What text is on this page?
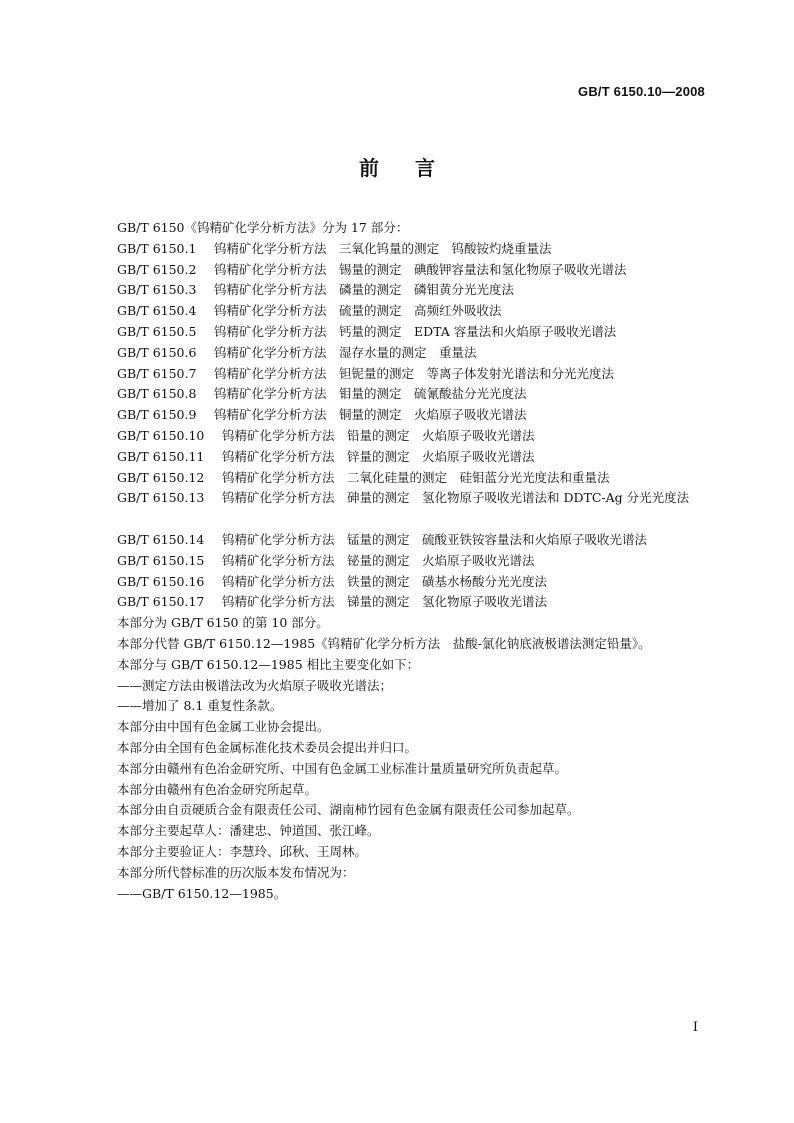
GB/T 6150.10—2008
前言
GB/T 6150《钨精矿化学分析方法》分为 17 部分：
GB/T 6150.1	钨精矿化学分析方法　三氧化钨量的测定　钨酸铵灼烧重量法
GB/T 6150.2	钨精矿化学分析方法　锡量的测定　碘酸钾容量法和氢化物原子吸收光谱法
GB/T 6150.3	钨精矿化学分析方法　磷量的测定　磷钼黄分光光度法
GB/T 6150.4	钨精矿化学分析方法　硫量的测定　高频红外吸收法
GB/T 6150.5	钨精矿化学分析方法　钙量的测定　EDTA 容量法和火焰原子吸收光谱法
GB/T 6150.6	钨精矿化学分析方法　湿存水量的测定　重量法
GB/T 6150.7	钨精矿化学分析方法　钽铌量的测定　等离子体发射光谱法和分光光度法
GB/T 6150.8	钨精矿化学分析方法　钼量的测定　硫氰酸盐分光光度法
GB/T 6150.9	钨精矿化学分析方法　铜量的测定　火焰原子吸收光谱法
GB/T 6150.10	钨精矿化学分析方法　铅量的测定　火焰原子吸收光谱法
GB/T 6150.11	钨精矿化学分析方法　锌量的测定　火焰原子吸收光谱法
GB/T 6150.12	钨精矿化学分析方法　二氧化硅量的测定　硅钼蓝分光光度法和重量法
GB/T 6150.13	钨精矿化学分析方法　砷量的测定　氢化物原子吸收光谱法和 DDTC-Ag 分光光度法
GB/T 6150.14	钨精矿化学分析方法　锰量的测定　硫酸亚铁铵容量法和火焰原子吸收光谱法
GB/T 6150.15	钨精矿化学分析方法　铋量的测定　火焰原子吸收光谱法
GB/T 6150.16	钨精矿化学分析方法　铁量的测定　磺基水杨酸分光光度法
GB/T 6150.17	钨精矿化学分析方法　锑量的测定　氢化物原子吸收光谱法
本部分为 GB/T 6150 的第 10 部分。
本部分代替 GB/T 6150.12—1985《钨精矿化学分析方法　盐酸-氯化钠底液极谱法测定铅量》。
本部分与 GB/T 6150.12—1985 相比主要变化如下：
——测定方法由极谱法改为火焰原子吸收光谱法；
——增加了 8.1 重复性条款。
本部分由中国有色金属工业协会提出。
本部分由全国有色金属标准化技术委员会提出并归口。
本部分由赣州有色冶金研究所、中国有色金属工业标准计量质量研究所负责起草。
本部分由赣州有色冶金研究所起草。
本部分由自贡硬质合金有限责任公司、湖南柿竹园有色金属有限责任公司参加起草。
本部分主要起草人：潘建忠、钟道国、张江峰。
本部分主要验证人：李慧玲、邱秋、王周林。
本部分所代替标准的历次版本发布情况为：
——GB/T 6150.12—1985。
I
